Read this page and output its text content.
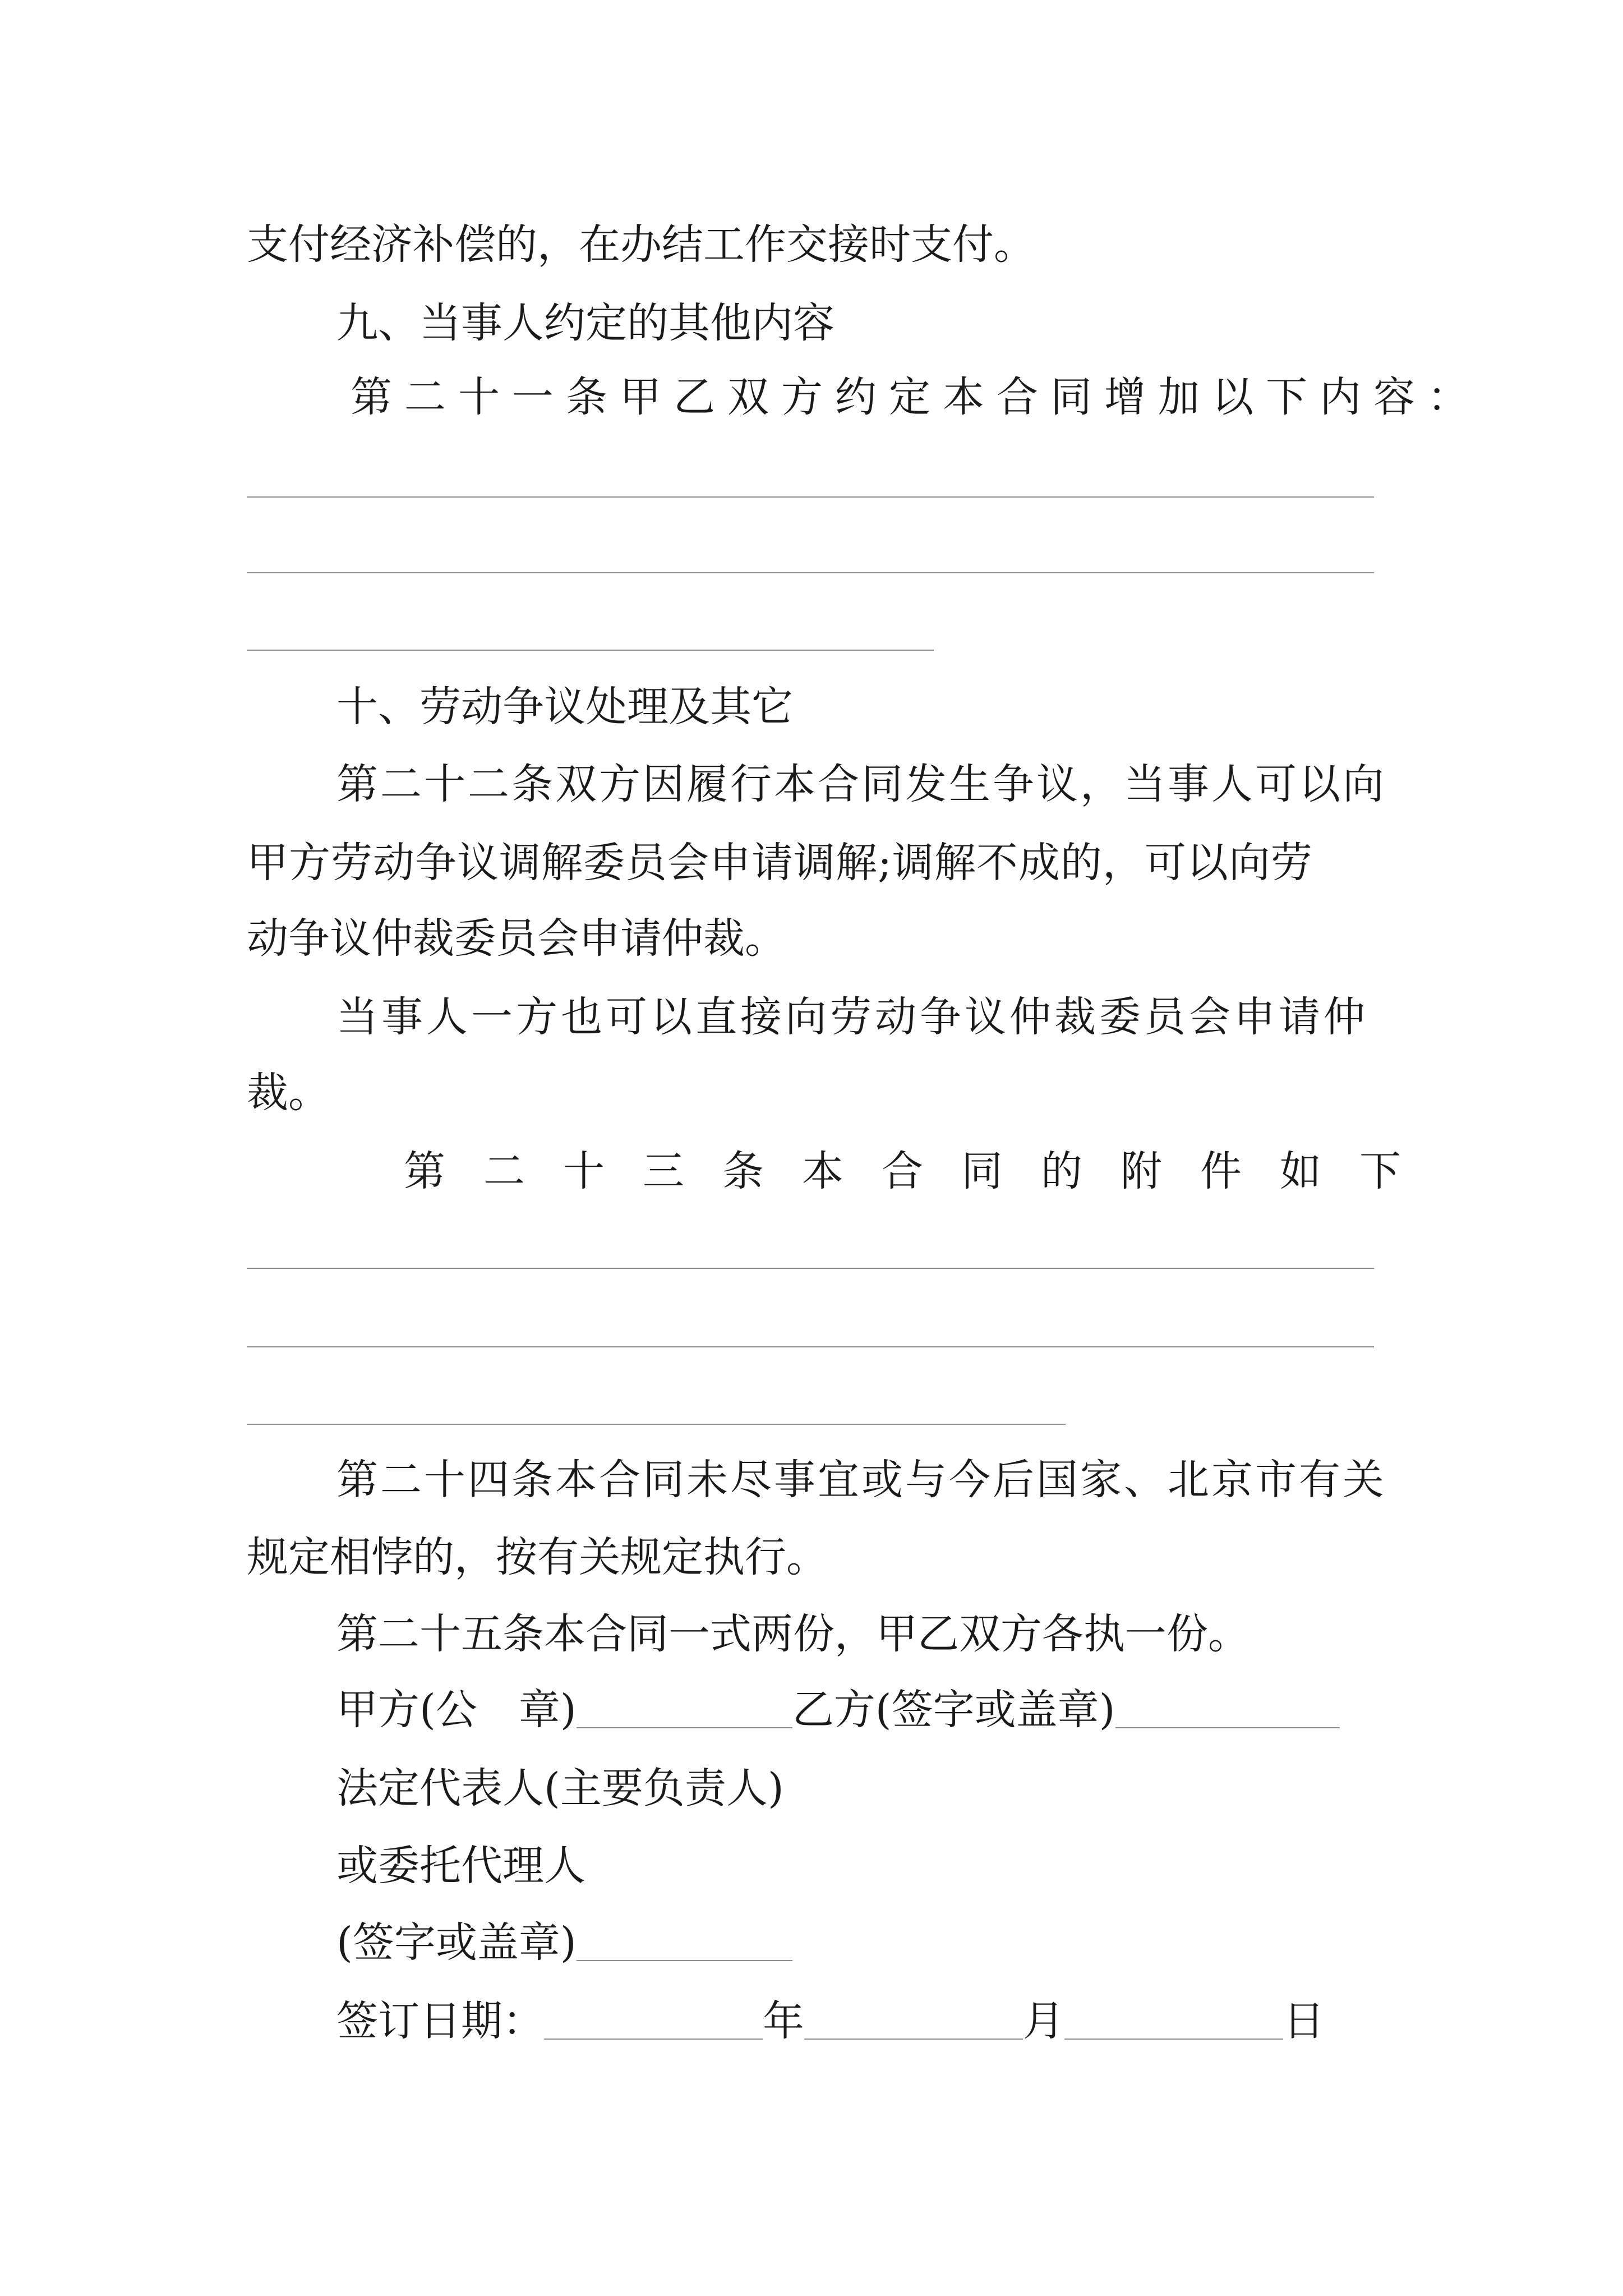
支付经济补偿的，在办结工作交接时支付。
九、当事人约定的其他内容
第二十一条甲乙双方约定本合同增加以下内容：
十、劳动争议处理及其它
第二十二条双方因履行本合同发生争议，当事人可以向
甲方劳动争议调解委员会申请调解;调解不成的，可以向劳
动争议仲裁委员会申请仲裁。
当事人一方也可以直接向劳动争议仲裁委员会申请仲
裁。
第二十三条本合同的附件如下
第二十四条本合同未尽事宜或与今后国家、北京市有关
规定相悖的，按有关规定执行。
第二十五条本合同一式两份，甲乙双方各执一份。
甲方(公　章)	乙方(签字或盖章)
法定代表人(主要负责人)
或委托代理人
(签字或盖章)
签订日期：	年	月	日
